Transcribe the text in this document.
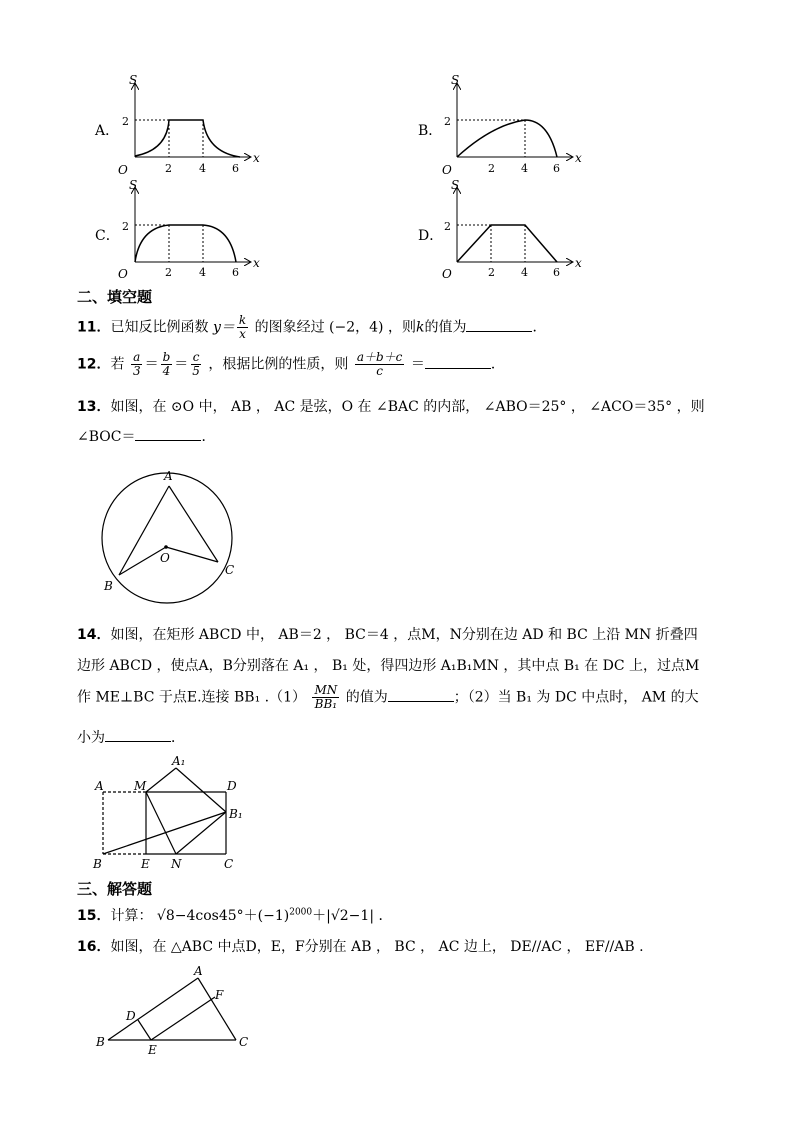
S
x
O
2
2 4 6
S
x
O
2
2 4 6
S
x
O
2
2 4 6
S
x
O
2
2 4 6
A．	B．
C．	D．
二、填空题
11．已知反比例函数 $y= \frac{k}{x}$ 的图象经过 (−2，4) ，则k的值为	．
12．若 $\frac{a}{3} = \frac{b}{4} = \frac{c}{5}$ ，根据比例的性质，则 $\frac{a+b+c}{c}$ ＝	．
13．如图，在 ⊙O 中， AB ， AC 是弦，O 在 ∠BAC 的内部， ∠ABO＝25° ， ∠ACO＝35° ，则
∠BOC＝	．
A
B
C
O
14．如图，在矩形 ABCD 中， AB＝2 ， BC＝4 ，点M，N分别在边 AD 和 BC 上沿 MN 折叠四
边形 ABCD ，使点A，B分别落在 A₁ ， B₁ 处，得四边形 A₁B₁MN ，其中点 B₁ 在 DC 上，过点M
作 ME⊥BC 于点E.连接 BB₁ $.(1) \frac{MN}{\text{BB₁}}$ 的值为	；（2）当 B₁ 为 DC 中点时， AM 的大
小为	．
A
A₁
M	D
B₁
B	E N	C
三、解答题
15．计算： $√8-4\cos 45^\circ+(-1)^{2000}+|√2-1|$ ．
16．如图，在 △ABC 中点D，E，F分别在 AB ， BC ， AC 边上， DE//AC ， EF//AB .
A
B	C
D
E
F
